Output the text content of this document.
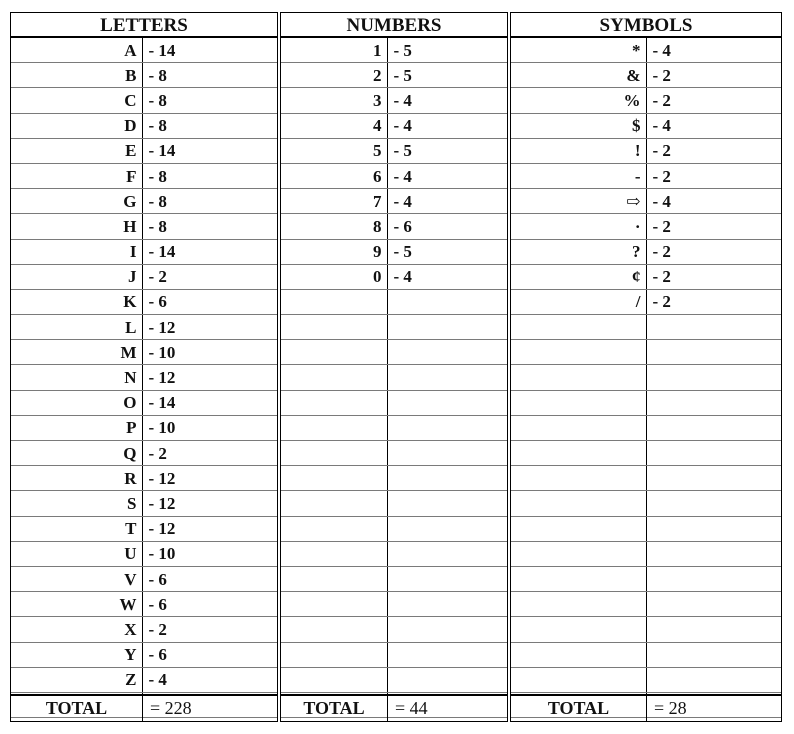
LETTERS
A	- 14
B	- 8
C	- 8
D	- 8
E	- 14
F	- 8
G	- 8
H	- 8
I	- 14
J	- 2
K	- 6
L	- 12
M	- 10
N	- 12
O	- 14
P	- 10
Q	- 2
R	- 12
S	- 12
T	- 12
U	- 10
V	- 6
W	- 6
X	- 2
Y	- 6
Z	- 4

TOTAL	= 228
NUMBERS
1	- 5
2	- 5
3	- 4
4	- 4
5	- 5
6	- 4
7	- 4
8	- 6
9	- 5
0	- 4

TOTAL	= 44
SYMBOLS
*	- 4
&	- 2
%	- 2
$	- 4
!	- 2
-	- 2
⇨	- 4
·	- 2
?	- 2
¢	- 2
/	- 2

TOTAL	= 28
